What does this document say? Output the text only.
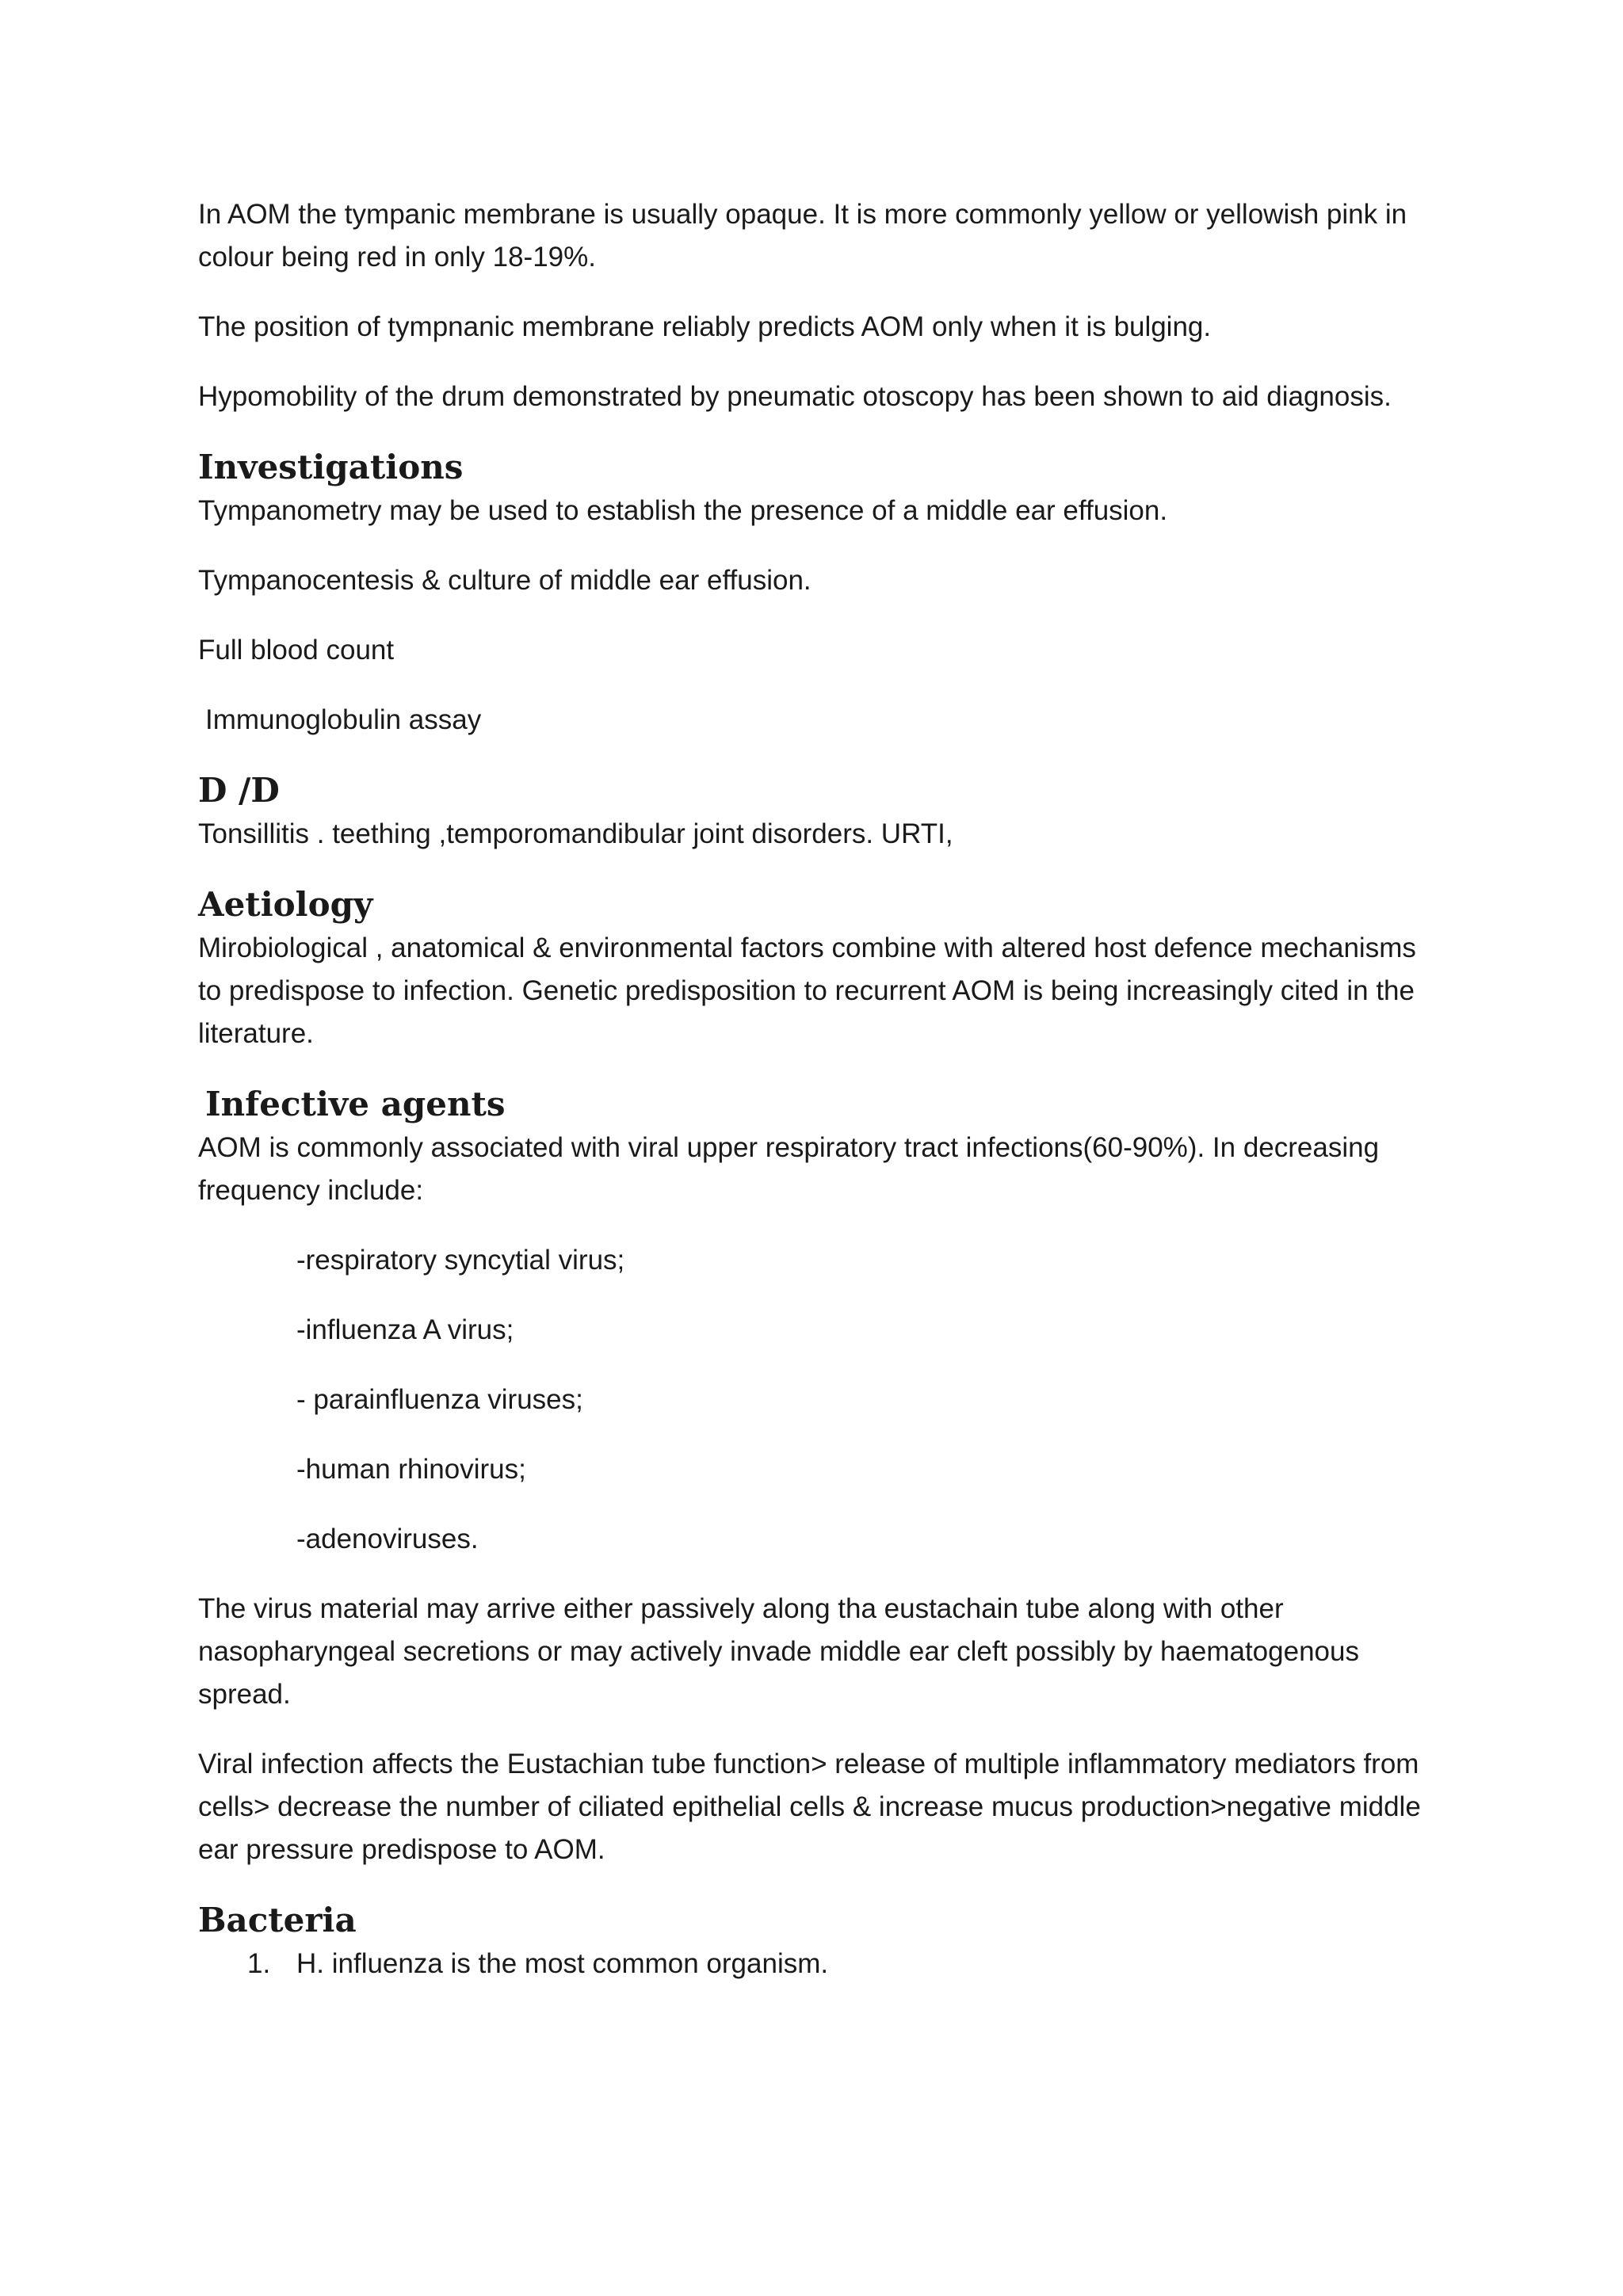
In AOM the tympanic membrane is usually opaque. It is more commonly yellow or yellowish pink in colour being red in only 18-19%.

The position of tympnanic membrane reliably predicts AOM only when it is bulging.

Hypomobility of the drum demonstrated by pneumatic otoscopy has been shown to aid diagnosis.

Investigations

Tympanometry may be used to establish the presence of a middle ear effusion.

Tympanocentesis & culture of middle ear effusion.

Full blood count

Immunoglobulin assay

D /D

Tonsillitis . teething ,temporomandibular joint disorders. URTI,

Aetiology

Mirobiological , anatomical & environmental factors combine with altered host defence mechanisms to predispose to infection. Genetic predisposition to recurrent AOM is being increasingly cited in the literature.

Infective agents

AOM is commonly associated with viral upper respiratory tract infections(60-90%). In decreasing frequency include:

-respiratory syncytial virus;

-influenza A virus;

- parainfluenza viruses;

-human rhinovirus;

-adenoviruses.

The virus material may arrive either passively along tha eustachain tube along with other nasopharyngeal secretions or may actively invade middle ear cleft possibly by haematogenous spread.

Viral infection affects the Eustachian tube function> release of multiple inflammatory mediators from cells> decrease the number of ciliated epithelial cells & increase mucus production>negative middle ear pressure predispose to AOM.

Bacteria
1. H. influenza is the most common organism.
